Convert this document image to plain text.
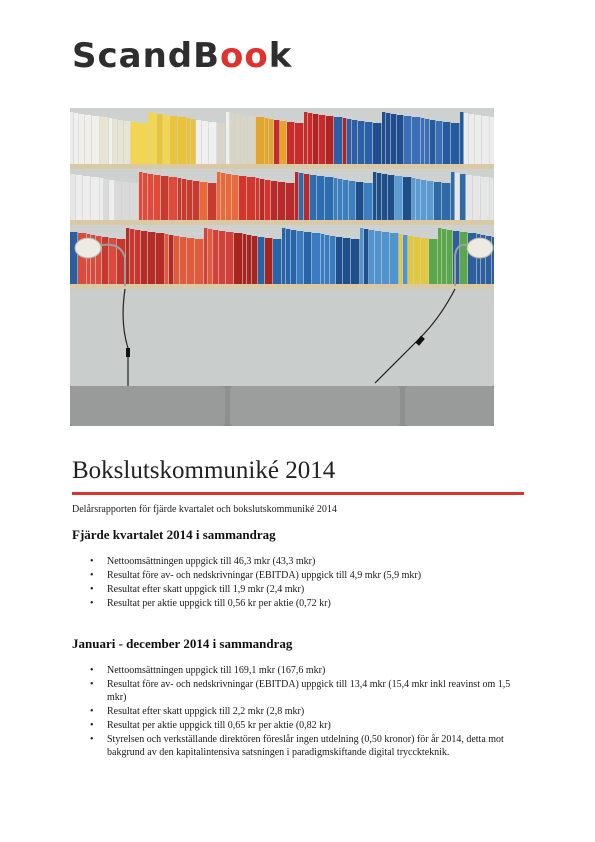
ScandBook
Bokslutskommuniké 2014
Delårsrapporten för fjärde kvartalet och bokslutskommuniké 2014
Fjärde kvartalet 2014 i sammandrag
• Nettoomsättningen uppgick till 46,3 mkr (43,3 mkr)
• Resultat före av- och nedskrivningar (EBITDA) uppgick till 4,9 mkr (5,9 mkr)
• Resultat efter skatt uppgick till 1,9 mkr (2,4 mkr)
• Resultat per aktie uppgick till 0,56 kr per aktie (0,72 kr)
Januari - december 2014 i sammandrag
• Nettoomsättningen uppgick till 169,1 mkr (167,6 mkr)
• Resultat före av- och nedskrivningar (EBITDA) uppgick till 13,4 mkr (15,4 mkr inkl reavinst om 1,5 mkr)
• Resultat efter skatt uppgick till 2,2 mkr (2,8 mkr)
• Resultat per aktie uppgick till 0,65 kr per aktie (0,82 kr)
• Styrelsen och verkställande direktören föreslår ingen utdelning (0,50 kronor) för år 2014, detta mot bakgrund av den kapitalintensiva satsningen i paradigmskiftande digital trycckteknik.
